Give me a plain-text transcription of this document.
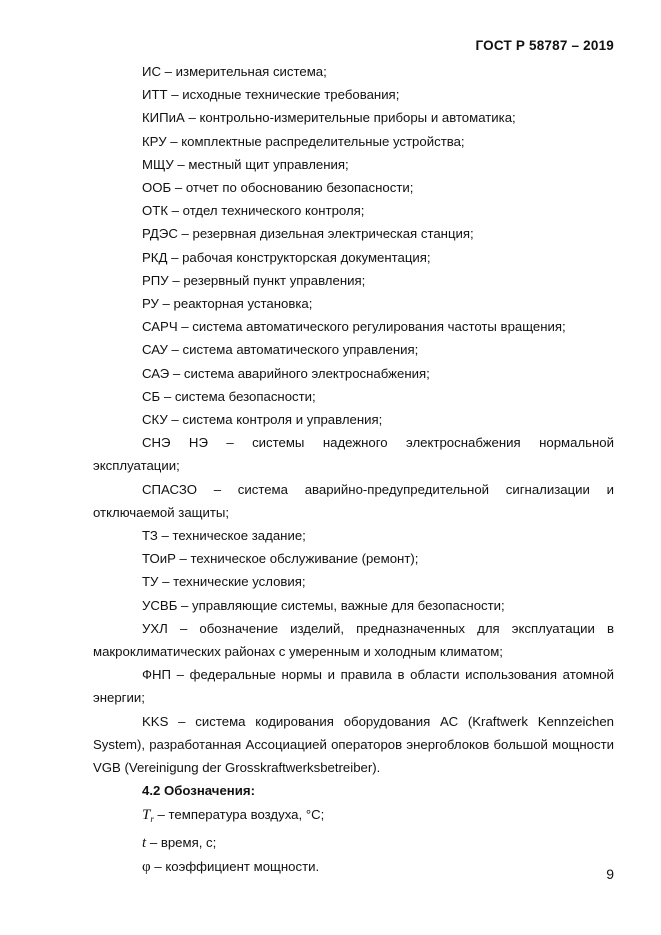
ГОСТ Р 58787 – 2019

ИС – измерительная система;

ИТТ – исходные технические требования;

КИПиА – контрольно-измерительные приборы и автоматика;

КРУ – комплектные распределительные устройства;

МЩУ – местный щит управления;

ООБ – отчет по обоснованию безопасности;

ОТК – отдел технического контроля;

РДЭС – резервная дизельная электрическая станция;

РКД – рабочая конструкторская документация;

РПУ – резервный пункт управления;

РУ – реакторная установка;

САРЧ – система автоматического регулирования частоты вращения;

САУ – система автоматического управления;

САЭ – система аварийного электроснабжения;

СБ – система безопасности;

СКУ – система контроля и управления;

СНЭ НЭ – системы надежного электроснабжения нормальной эксплуатации;

СПАСЗО – система аварийно-предупредительной сигнализации и отключаемой защиты;

ТЗ – техническое задание;

ТОиР – техническое обслуживание (ремонт);

ТУ – технические условия;

УСВБ – управляющие системы, важные для безопасности;

УХЛ – обозначение изделий, предназначенных для эксплуатации в макроклиматических районах с умеренным и холодным климатом;

ФНП – федеральные нормы и правила в области использования атомной энергии;

KKS – система кодирования оборудования АС (Kraftwerk Kennzeichen System), разработанная Ассоциацией операторов энергоблоков большой мощности VGB (Vereinigung der Grosskraftwerksbetreiber).

4.2 Обозначения:

$T_r$ – температура воздуха, °С;

t – время, с;

φ – коэффициент мощности.	9
